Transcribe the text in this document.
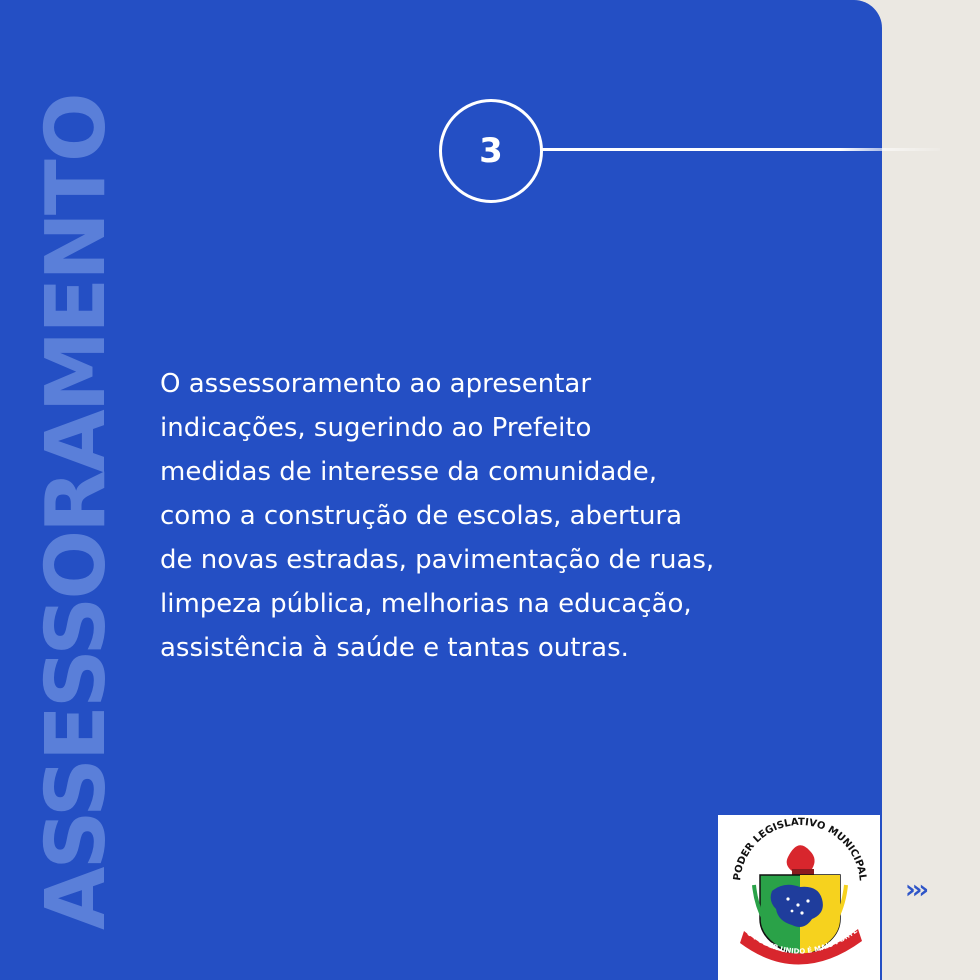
ASSESSORAMENTO	3
O assessoramento ao apresentar
indicações, sugerindo ao Prefeito
medidas de interesse da comunidade,
como a construção de escolas, abertura
de novas estradas, pavimentação de ruas,
limpeza pública, melhorias na educação,
assistência à saúde e tantas outras.
PODER LEGISLATIVO MUNICIPAL
O PODER UNIDO É MAIS FORTE
›››
